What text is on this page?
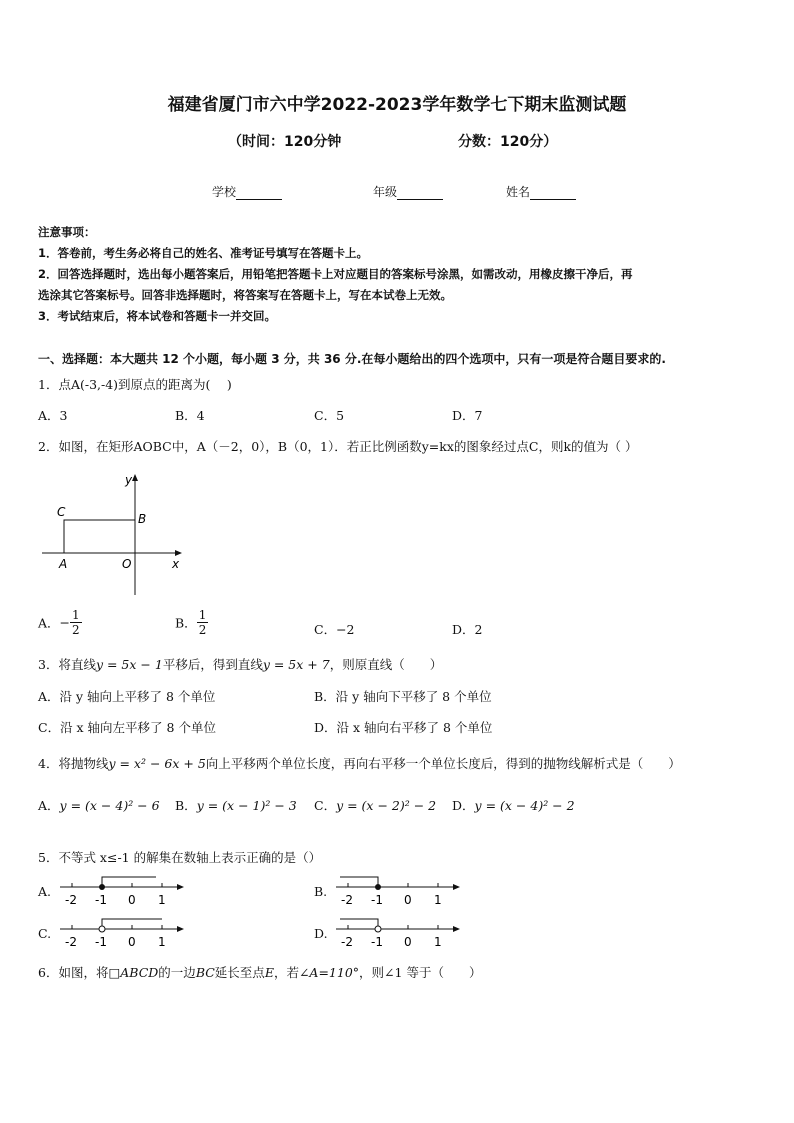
福建省厦门市六中学2022-2023学年数学七下期末监测试题
（时间：120分钟	分数：120分）
学校	年级	姓名
注意事项：
1．答卷前，考生务必将自己的姓名、准考证号填写在答题卡上。
2．回答选择题时，选出每小题答案后，用铅笔把答题卡上对应题目的答案标号涂黑，如需改动，用橡皮擦干净后，再
选涂其它答案标号。回答非选择题时，将答案写在答题卡上，写在本试卷上无效。
3．考试结束后，将本试卷和答题卡一并交回。
一、选择题：本大题共 12 个小题，每小题 3 分，共 36 分.在每小题给出的四个选项中，只有一项是符合题目要求的.
1．点A(-3,-4)到原点的距离为(　 )
A．3	B．4	C．5	D．7
2．如图，在矩形AOBC中，A（－2，0），B（0，1）．若正比例函数y=kx的图象经过点C，则k的值为（ ）
y
x
C	B
A	O
A．− $\frac{1}{2}$	B． $\frac{1}{2}$	C．−2	D．2
3．将直线y = 5x − 1平移后，得到直线y = 5x + 7，则原直线（　　）
A．沿 y 轴向上平移了 8 个单位	B．沿 y 轴向下平移了 8 个单位
C．沿 x 轴向左平移了 8 个单位	D．沿 x 轴向右平移了 8 个单位
4．将抛物线y = x² − 6x + 5向上平移两个单位长度，再向右平移一个单位长度后，得到的抛物线解析式是（　　）
A．y = (x − 4)² − 6 B．y = (x − 1)² − 3 C．y = (x − 2)² − 2 D．y = (x − 4)² − 2
5．不等式 x≤-1 的解集在数轴上表示正确的是（）
A.	B.
C.	D.
-2 -1 0 1	-2 -1 0 1
-2 -1 0 1	-2 -1 0 1
6．如图，将□ABCD的一边BC延长至点E，若∠A=110°，则∠1 等于（　　）
